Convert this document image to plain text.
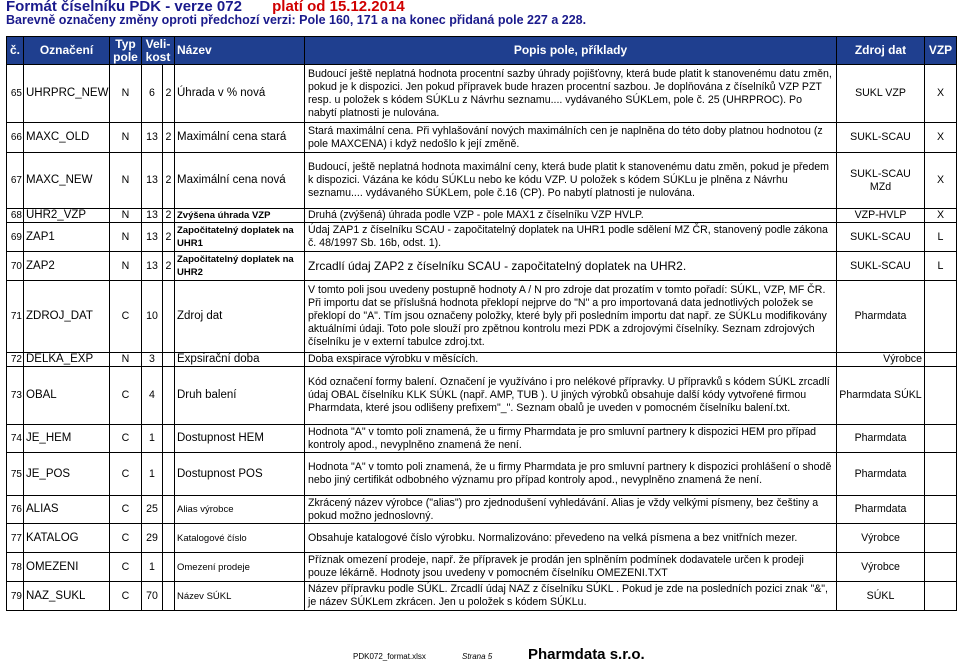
Formát číselníku PDK - verze 072 platí od 15.12.2014
Barevně označeny změny oproti předchozí verzi: Pole 160, 171 a na konec přidaná pole 227 a 228.
č.	Označení	Typ pole	Veli- kost		Název	Popis pole, příklady	Zdroj dat	VZP
65	UHRPRC_NEW	N	6	2	Úhrada v % nová	Budoucí ještě neplatná hodnota procentní sazby úhrady pojišťovny, která bude platit k stanovenému datu změn, pokud je k dispozici. Jen pokud přípravek bude hrazen procentní sazbou. Je doplňována z číselníků VZP PZT resp. u položek s kódem SÚKLu z Návrhu seznamu.... vydávaného SÚKLem, pole č. 25 (UHRPROC). Po nabytí platnosti je nulována.	SUKL VZP	X
66	MAXC_OLD	N	13	2	Maximální cena stará	Stará maximální cena. Při vyhlašování nových maximálních cen je naplněna do této doby platnou hodnotou (z pole MAXCENA) i když nedošlo k její změně.	SUKL-SCAU	X
67	MAXC_NEW	N	13	2	Maximální cena nová	Budoucí, ještě neplatná hodnota maximální ceny, která bude platit k stanovenému datu změn, pokud je předem k dispozici. Vázána ke kódu SÚKLu nebo ke kódu VZP. U položek s kódem SÚKLu je plněna z Návrhu seznamu.... vydávaného SÚKLem, pole č.16 (CP). Po nabytí platnosti je nulována.	SUKL-SCAU MZd	X
68	UHR2_VZP	N	13	2	Zvýšena úhrada VZP	Druhá (zvýšená) úhrada podle VZP - pole MAX1 z číselníku VZP HVLP.	VZP-HVLP	X
69	ZAP1	N	13	2	Započitatelný doplatek na UHR1	Údaj ZAP1 z číselníku SCAU - započitatelný doplatek na UHR1 podle sdělení MZ ČR, stanovený podle zákona č. 48/1997 Sb. 16b, odst. 1).	SUKL-SCAU	L
70	ZAP2	N	13	2	Započitatelný doplatek na UHR2	Zrcadlí údaj ZAP2 z číselníku SCAU - započitatelný doplatek na UHR2.	SUKL-SCAU	L
71	ZDROJ_DAT	C	10		Zdroj dat	V tomto poli jsou uvedeny postupně hodnoty A / N pro zdroje dat prozatím v tomto pořadí: SÚKL, VZP, MF ČR. Při importu dat se příslušná hodnota překlopí nejprve do "N" a pro importovaná data jednotlivých položek se překlopí do "A". Tím jsou označeny položky, které byly při posledním importu dat např. ze SÚKLu modifikovány aktuálními údaji. Toto pole slouží pro zpětnou kontrolu mezi PDK a zdrojovými číselníky. Seznam zdrojových číselníku je v externí tabulce zdroj.txt.	Pharmdata	
72	DELKA_EXP	N	3		Expsirační doba	Doba exspirace výrobku v měsících.	Výrobce	
73	OBAL	C	4		Druh balení	Kód označení formy balení. Označení je využíváno i pro nelékové přípravky. U přípravků s kódem SÚKL zrcadlí údaj OBAL číselníku KLK SÚKL (např. AMP, TUB ). U jiných výrobků obsahuje další kódy vytvořené firmou Pharmdata, které jsou odlišeny prefixem"_". Seznam obalů je uveden v pomocném číselníku balení.txt.	Pharmdata SÚKL	
74	JE_HEM	C	1		Dostupnost HEM	Hodnota "A" v tomto poli znamená, že u firmy Pharmdata je pro smluvní partnery k dispozici HEM pro případ kontroly apod., nevyplněno znamená že není.	Pharmdata	
75	JE_POS	C	1		Dostupnost POS	Hodnota "A" v tomto poli znamená, že u firmy Pharmdata je pro smluvní partnery k dispozici prohlášení o shodě nebo jiný certifikát odbobného významu pro případ kontroly apod., nevyplněno znamená že není.	Pharmdata	
76	ALIAS	C	25		Alias výrobce	Zkrácený název výrobce ("alias") pro zjednodušení vyhledávání. Alias je vždy velkými písmeny, bez češtiny a pokud možno jednoslovný.	Pharmdata	
77	KATALOG	C	29		Katalogové číslo	Obsahuje katalogové číslo výrobku. Normalizováno: převedeno na velká písmena a bez vnitřních mezer.	Výrobce	
78	OMEZENI	C	1		Omezení prodeje	Příznak omezení prodeje, např. že přípravek je prodán jen splněním podmínek dodavatele určen k prodeji pouze lékárně. Hodnoty jsou uvedeny v pomocném číselníku OMEZENI.TXT	Výrobce	
79	NAZ_SUKL	C	70		Název SÚKL	Název přípravku podle SÚKL. Zrcadlí údaj NAZ z číselníku SÚKL . Pokud je zde na posledních pozici znak "&", je název SÚKLem zkrácen. Jen u položek s kódem SÚKLu.	SÚKL	
PDK072_format.xlsx	Strana 5 Pharmdata s.r.o.
